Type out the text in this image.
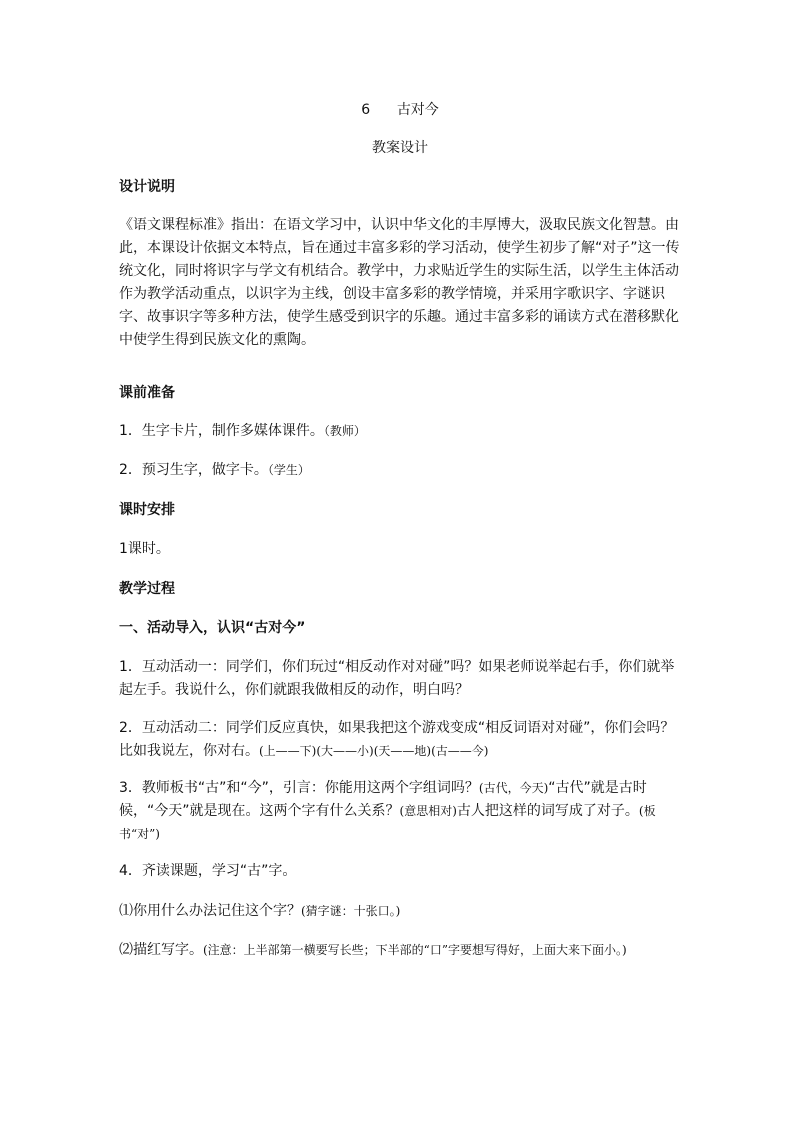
6 古对今
教案设计

设计说明

《语文课程标准》指出：在语文学习中，认识中华文化的丰厚博大，汲取民族文化智慧。由此，本课设计依据文本特点，旨在通过丰富多彩的学习活动，使学生初步了解“对子”这一传统文化，同时将识字与学文有机结合。教学中，力求贴近学生的实际生活，以学生主体活动作为教学活动重点，以识字为主线，创设丰富多彩的教学情境，并采用字歌识字、字谜识字、故事识字等多种方法，使学生感受到识字的乐趣。通过丰富多彩的诵读方式在潜移默化中使学生得到民族文化的熏陶。

课前准备

1．生字卡片，制作多媒体课件。（教师）

2．预习生字，做字卡。（学生）

课时安排

1课时。

教学过程

一、活动导入，认识“古对今”

1．互动活动一：同学们，你们玩过“相反动作对对碰”吗？如果老师说举起右手，你们就举起左手。我说什么，你们就跟我做相反的动作，明白吗？

2．互动活动二：同学们反应真快，如果我把这个游戏变成“相反词语对对碰”，你们会吗？比如我说左，你对右。(上——下)(大——小)(天——地)(古——今)

3．教师板书“古”和“今”，引言：你能用这两个字组词吗？(古代，今天)“古代”就是古时候，“今天”就是现在。这两个字有什么关系？(意思相对)古人把这样的词写成了对子。(板书“对”)

4．齐读课题，学习“古”字。

⑴你用什么办法记住这个字？(猜字谜：十张口。)

⑵描红写字。(注意：上半部第一横要写长些；下半部的“口”字要想写得好，上面大来下面小。)
